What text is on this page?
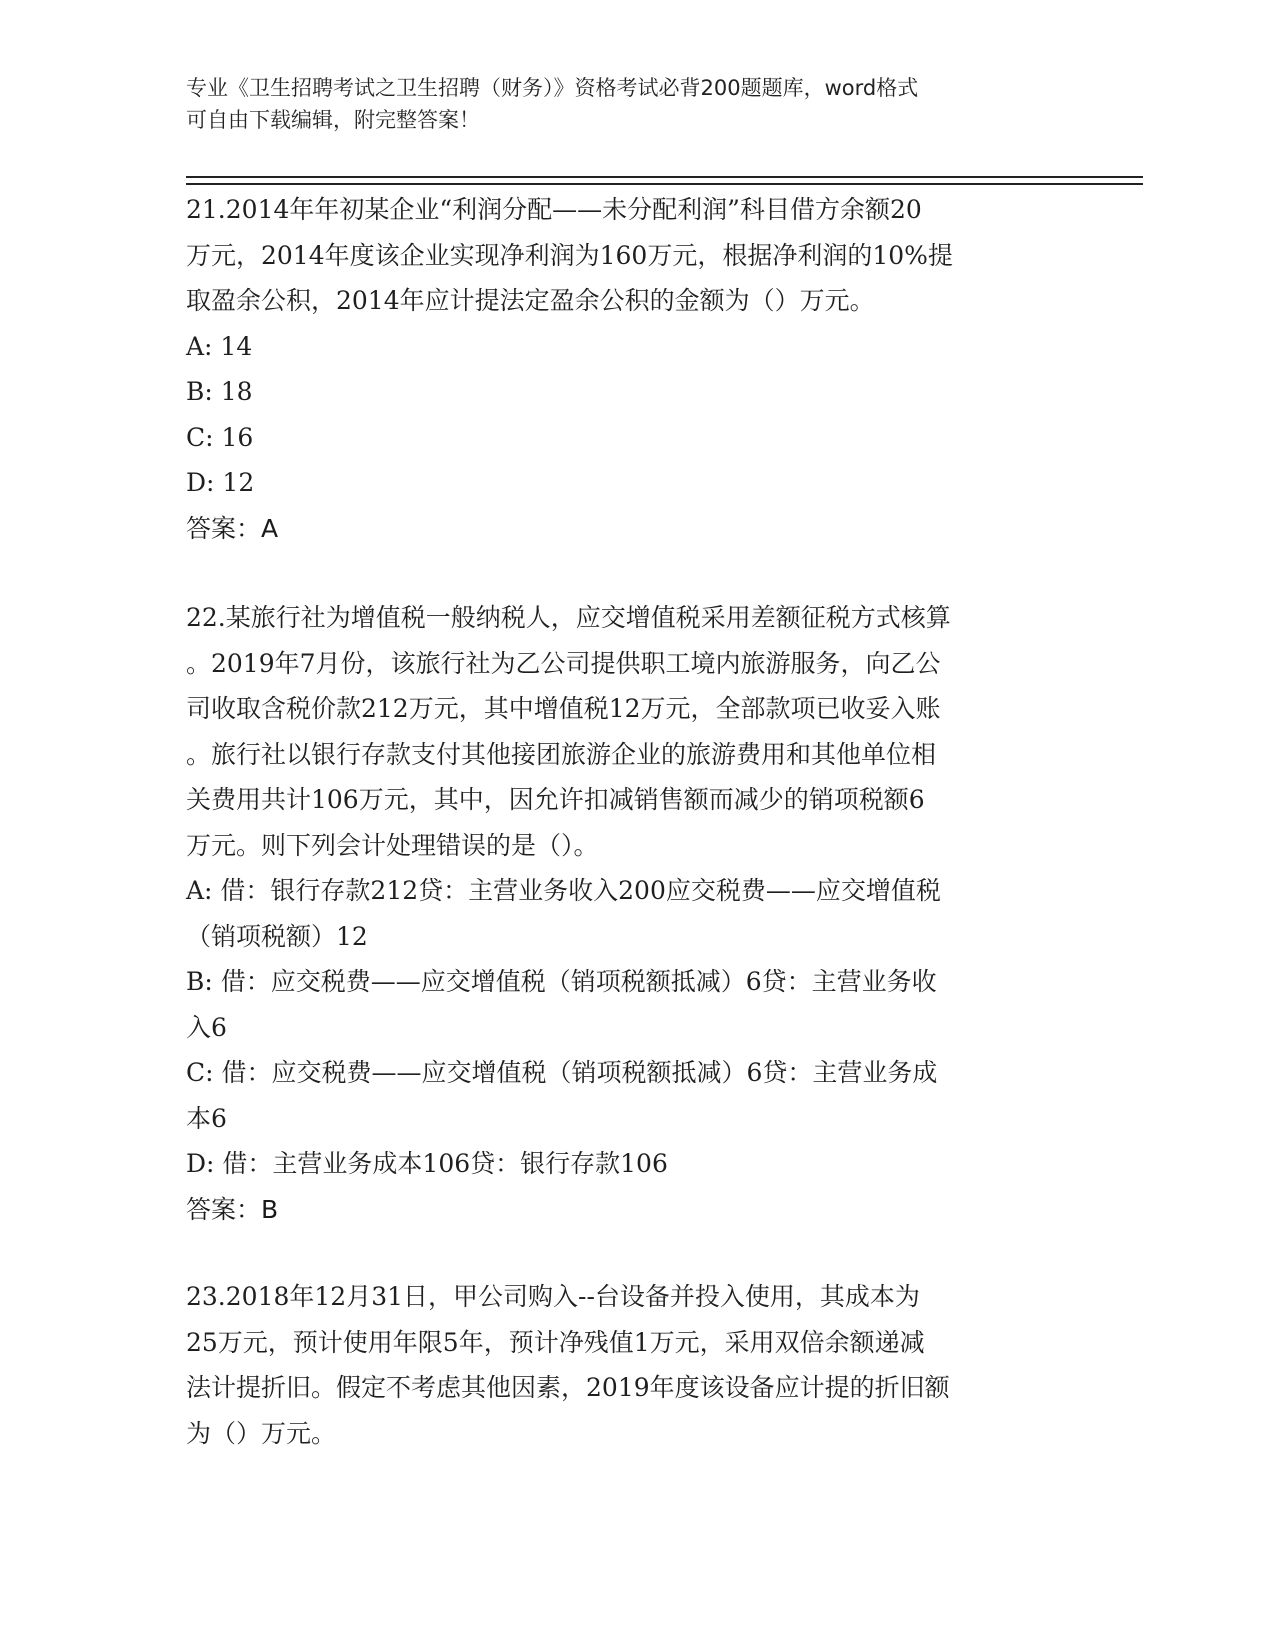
专业《卫生招聘考试之卫生招聘（财务）》资格考试必背200题题库，word格式
可自由下载编辑，附完整答案！

21.2014年年初某企业“利润分配——未分配利润”科目借方余额20

万元，2014年度该企业实现净利润为160万元，根据净利润的10%提

取盈余公积，2014年应计提法定盈余公积的金额为（）万元。

A: 14

B: 18

C: 16

D: 12

答案：A

22.某旅行社为增值税一般纳税人，应交增值税采用差额征税方式核算

。2019年7月份，该旅行社为乙公司提供职工境内旅游服务，向乙公

司收取含税价款212万元，其中增值税12万元，全部款项已收妥入账

。旅行社以银行存款支付其他接团旅游企业的旅游费用和其他单位相

关费用共计106万元，其中，因允许扣减销售额而减少的销项税额6

万元。则下列会计处理错误的是（）。

A: 借：银行存款212贷：主营业务收入200应交税费——应交增值税

（销项税额）12

B: 借：应交税费——应交增值税（销项税额抵减）6贷：主营业务收

入6

C: 借：应交税费——应交增值税（销项税额抵减）6贷：主营业务成

本6

D: 借：主营业务成本106贷：银行存款106

答案：B

23.2018年12月31日，甲公司购入--台设备并投入使用，其成本为

25万元，预计使用年限5年，预计净残值1万元，采用双倍余额递减

法计提折旧。假定不考虑其他因素，2019年度该设备应计提的折旧额

为（）万元。
